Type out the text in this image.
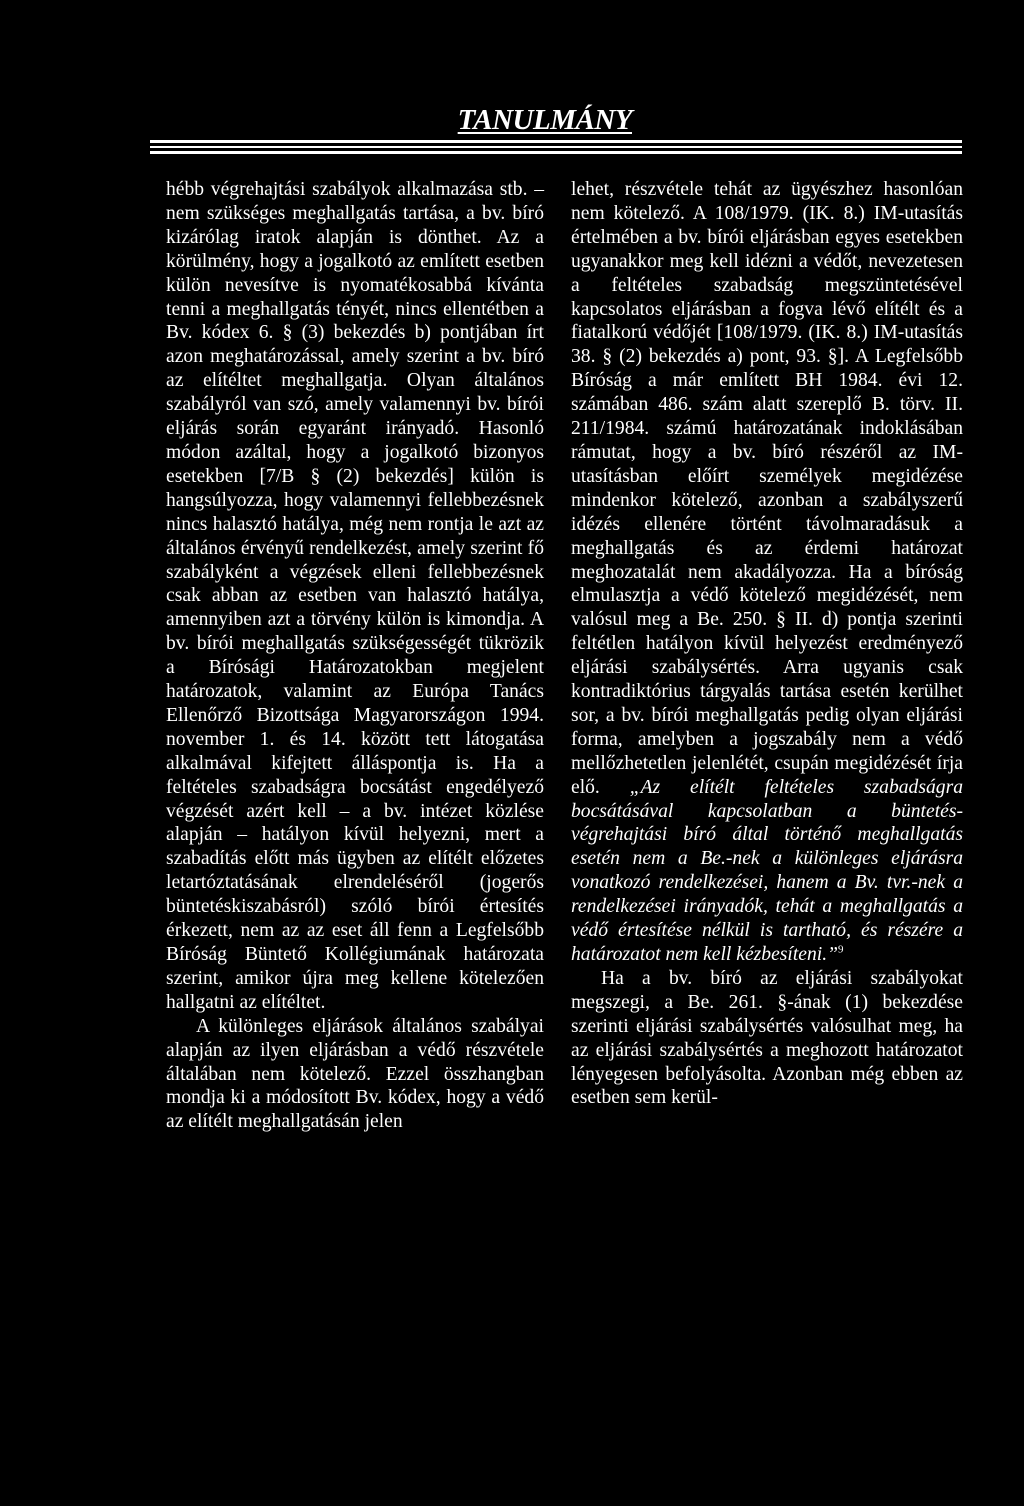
TANULMÁNY

hébb végrehajtási szabályok alkalmazása stb. – nem szükséges meghallgatás tartása, a bv. bíró kizárólag iratok alapján is dönthet. Az a körülmény, hogy a jogalkotó az említett esetben külön nevesítve is nyomatékosabbá kívánta tenni a meghallgatás tényét, nincs ellentétben a Bv. kódex 6. § (3) bekezdés b) pontjában írt azon meghatározással, amely szerint a bv. bíró az elítéltet meghallgatja. Olyan általános szabályról van szó, amely valamennyi bv. bírói eljárás során egyaránt irányadó. Hasonló módon azáltal, hogy a jogalkotó bizonyos esetekben [7/B § (2) bekezdés] külön is hangsúlyozza, hogy valamennyi fellebbezésnek nincs halasztó hatálya, még nem rontja le azt az általános érvényű rendelkezést, amely szerint fő szabályként a végzések elleni fellebbezésnek csak abban az esetben van halasztó hatálya, amennyiben azt a törvény külön is kimondja. A bv. bírói meghallgatás szükségességét tükrözik a Bírósági Határozatokban megjelent határozatok, valamint az Európa Tanács Ellenőrző Bizottsága Magyarországon 1994. november 1. és 14. között tett látogatása alkalmával kifejtett álláspontja is. Ha a feltételes szabadságra bocsátást engedélyező végzését azért kell – a bv. intézet közlése alapján – hatályon kívül helyezni, mert a szabadítás előtt más ügyben az elítélt előzetes letartóztatásának elrendeléséről (jogerős büntetéskiszabásról) szóló bírói értesítés érkezett, nem az az eset áll fenn a Legfelsőbb Bíróság Büntető Kollégiumának határozata szerint, amikor újra meg kellene kötelezően hallgatni az elítéltet.

A különleges eljárások általános szabályai alapján az ilyen eljárásban a védő részvétele általában nem kötelező. Ezzel összhangban mondja ki a módosított Bv. kódex, hogy a védő az elítélt meghallgatásán jelen

lehet, részvétele tehát az ügyészhez hasonlóan nem kötelező. A 108/1979. (IK. 8.) IM-utasítás értelmében a bv. bírói eljárásban egyes esetekben ugyanakkor meg kell idézni a védőt, nevezetesen a feltételes szabadság megszüntetésével kapcsolatos eljárásban a fogva lévő elítélt és a fiatalkorú védőjét [108/1979. (IK. 8.) IM-utasítás 38. § (2) bekezdés a) pont, 93. §]. A Legfelsőbb Bíróság a már említett BH 1984. évi 12. számában 486. szám alatt szereplő B. törv. II. 211/1984. számú határozatának indoklásában rámutat, hogy a bv. bíró részéről az IM-utasításban előírt személyek megidézése mindenkor kötelező, azonban a szabályszerű idézés ellenére történt távolmaradásuk a meghallgatás és az érdemi határozat meghozatalát nem akadályozza. Ha a bíróság elmulasztja a védő kötelező megidézését, nem valósul meg a Be. 250. § II. d) pontja szerinti feltétlen hatályon kívül helyezést eredményező eljárási szabálysértés. Arra ugyanis csak kontradiktórius tárgyalás tartása esetén kerülhet sor, a bv. bírói meghallgatás pedig olyan eljárási forma, amelyben a jogszabály nem a védő mellőzhetetlen jelenlétét, csupán megidézését írja elő. „Az elítélt feltételes szabadságra bocsátásával kapcsolatban a büntetés-végrehajtási bíró által történő meghallgatás esetén nem a Be.-nek a különleges eljárásra vonatkozó rendelkezései, hanem a Bv. tvr.-nek a rendelkezései irányadók, tehát a meghallgatás a védő értesítése nélkül is tartható, és részére a határozatot nem kell kézbesíteni.”$^9$

Ha a bv. bíró az eljárási szabályokat megszegi, a Be. 261. §-ának (1) bekezdése szerinti eljárási szabálysértés valósulhat meg, ha az eljárási szabálysértés a meghozott határozatot lényegesen befolyásolta. Azonban még ebben az esetben sem kerül-
